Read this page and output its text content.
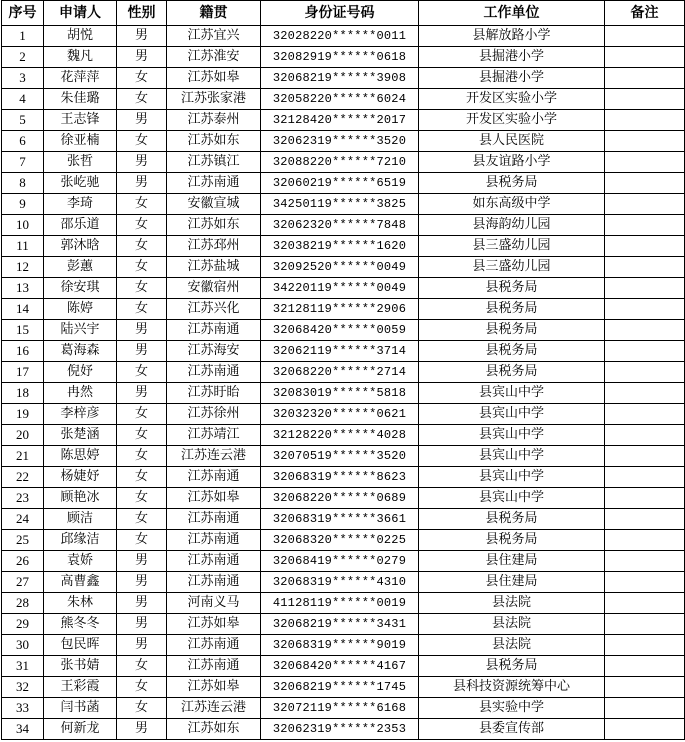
序号	申请人	性别	籍贯	身份证号码	工作单位	备注
1	胡悦	男	江苏宜兴	32028220******0011	县解放路小学	
2	魏凡	男	江苏淮安	32082919******0618	县掘港小学	
3	花萍萍	女	江苏如皋	32068219******3908	县掘港小学	
4	朱佳璐	女	江苏张家港	32058220******6024	开发区实验小学	
5	王志锋	男	江苏泰州	32128420******2017	开发区实验小学	
6	徐亚楠	女	江苏如东	32062319******3520	县人民医院	
7	张哲	男	江苏镇江	32088220******7210	县友谊路小学	
8	张屹驰	男	江苏南通	32060219******6519	县税务局	
9	李琦	女	安徽宣城	34250119******3825	如东高级中学	
10	邵乐道	女	江苏如东	32062320******7848	县海韵幼儿园	
11	郭沐晗	女	江苏邳州	32038219******1620	县三盛幼儿园	
12	彭蕙	女	江苏盐城	32092520******0049	县三盛幼儿园	
13	徐安琪	女	安徽宿州	34220119******0049	县税务局	
14	陈婷	女	江苏兴化	32128119******2906	县税务局	
15	陆兴宇	男	江苏南通	32068420******0059	县税务局	
16	葛海森	男	江苏海安	32062119******3714	县税务局	
17	倪妤	女	江苏南通	32068220******2714	县税务局	
18	冉然	男	江苏盱眙	32083019******5818	县宾山中学	
19	李梓彦	女	江苏徐州	32032320******0621	县宾山中学	
20	张楚涵	女	江苏靖江	32128220******4028	县宾山中学	
21	陈思婷	女	江苏连云港	32070519******3520	县宾山中学	
22	杨婕妤	女	江苏南通	32068319******8623	县宾山中学	
23	顾艳冰	女	江苏如皋	32068220******0689	县宾山中学	
24	顾洁	女	江苏南通	32068319******3661	县税务局	
25	邱缘洁	女	江苏南通	32068320******0225	县税务局	
26	袁娇	男	江苏南通	32068419******0279	县住建局	
27	高曹鑫	男	江苏南通	32068319******4310	县住建局	
28	朱林	男	河南义马	41128119******0019	县法院	
29	熊冬冬	男	江苏如皋	32068219******3431	县法院	
30	包民晖	男	江苏南通	32068319******9019	县法院	
31	张书婧	女	江苏南通	32068420******4167	县税务局	
32	王彩霞	女	江苏如皋	32068219******1745	县科技资源统筹中心	
33	闫书菡	女	江苏连云港	32072119******6168	县实验中学	
34	何新龙	男	江苏如东	32062319******2353	县委宣传部	
